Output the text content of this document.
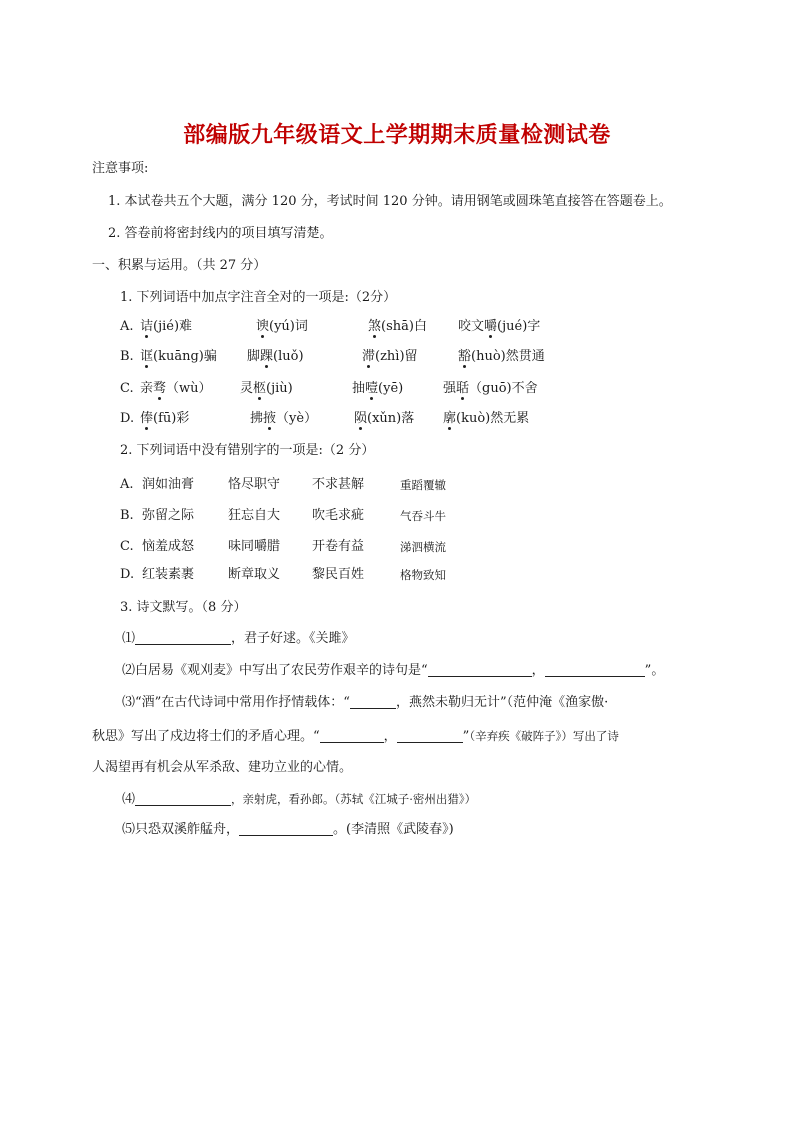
部编版九年级语文上学期期末质量检测试卷
注意事项:
1. 本试卷共五个大题，满分 120 分，考试时间 120 分钟。请用钢笔或圆珠笔直接答在答题卷上。
2. 答卷前将密封线内的项目填写清楚。
一、积累与运用。（共 27 分）
1. 下列词语中加点字注音全对的一项是:（2分）
A. 诘(jié)难	谀(yú)词	煞(shā)白 咬文嚼(jué)字
B. 诓(kuāng)骗 脚踝(luǒ)	滞(zhì)留	豁(huò)然贯通
C. 亲骛（wù） 灵柩(jiù)	抽噎(yē)	强聒（guō)不舍
D. 俸(fū)彩	拂掖（yè）	陨(xǔn)落 廓(kuò)然无累
2. 下列词语中没有错别字的一项是:（2 分）
A. 润如油膏	恪尽职守 不求甚解	重蹈覆辙
B. 弥留之际	狂忘自大 吹毛求疵	气吞斗牛
C. 恼羞成怒	味同嚼腊 开卷有益	涕泗横流
D. 红装素裹	断章取义 黎民百姓	格物致知
3. 诗文默写。（8 分）
⑴	，君子好逑。《关雎》
⑵白居易《观刈麦》中写出了农民劳作艰辛的诗句是“	，	”。
⑶“酒”在古代诗词中常用作抒情载体：“	，燕然未勒归无计”（范仲淹《渔家傲·
秋思》写出了戍边将士们的矛盾心理。“	，	”（辛弃疾《破阵子》）写出了诗
人渴望再有机会从军杀敌、建功立业的心情。
⑷	，亲射虎，看孙郎。（苏轼《江城子·密州出猎》）
⑸只恐双溪舴艋舟，	。(李清照《武陵春》)
